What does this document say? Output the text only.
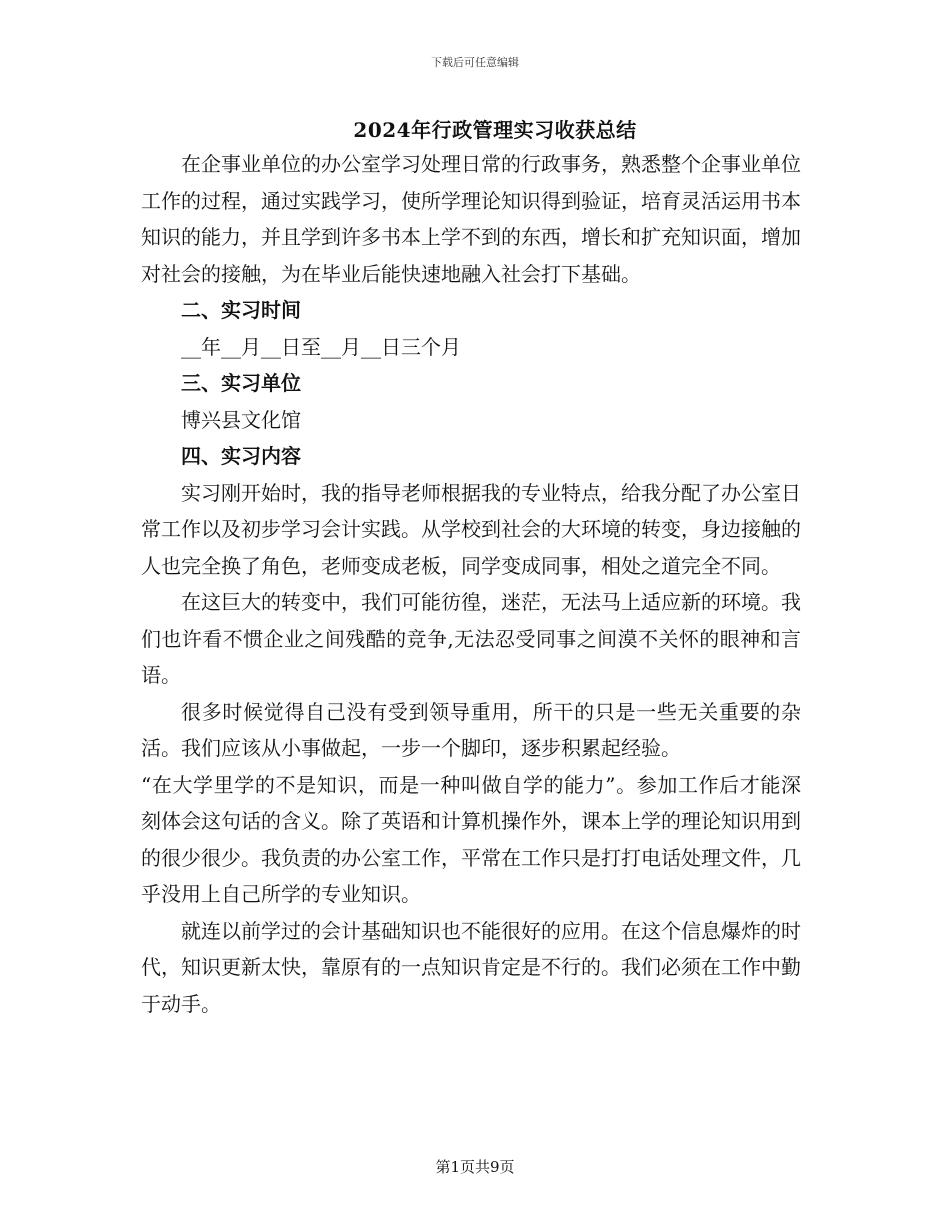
下载后可任意编辑
2024年行政管理实习收获总结

在企事业单位的办公室学习处理日常的行政事务，熟悉整个企事业单位工作的过程，通过实践学习，使所学理论知识得到验证，培育灵活运用书本知识的能力，并且学到许多书本上学不到的东西，增长和扩充知识面，增加对社会的接触，为在毕业后能快速地融入社会打下基础。

二、实习时间
__年__月__日至__月__日三个月
三、实习单位
博兴县文化馆
四、实习内容

实习刚开始时，我的指导老师根据我的专业特点，给我分配了办公室日常工作以及初步学习会计实践。从学校到社会的大环境的转变，身边接触的人也完全换了角色，老师变成老板，同学变成同事，相处之道完全不同。

在这巨大的转变中，我们可能彷徨，迷茫，无法马上适应新的环境。我们也许看不惯企业之间残酷的竞争,无法忍受同事之间漠不关怀的眼神和言语。

很多时候觉得自己没有受到领导重用，所干的只是一些无关重要的杂活。我们应该从小事做起，一步一个脚印，逐步积累起经验。

“在大学里学的不是知识，而是一种叫做自学的能力”。参加工作后才能深刻体会这句话的含义。除了英语和计算机操作外，课本上学的理论知识用到的很少很少。我负责的办公室工作，平常在工作只是打打电话处理文件，几乎没用上自己所学的专业知识。

就连以前学过的会计基础知识也不能很好的应用。在这个信息爆炸的时代，知识更新太快，靠原有的一点知识肯定是不行的。我们必须在工作中勤于动手。

第1页共9页
